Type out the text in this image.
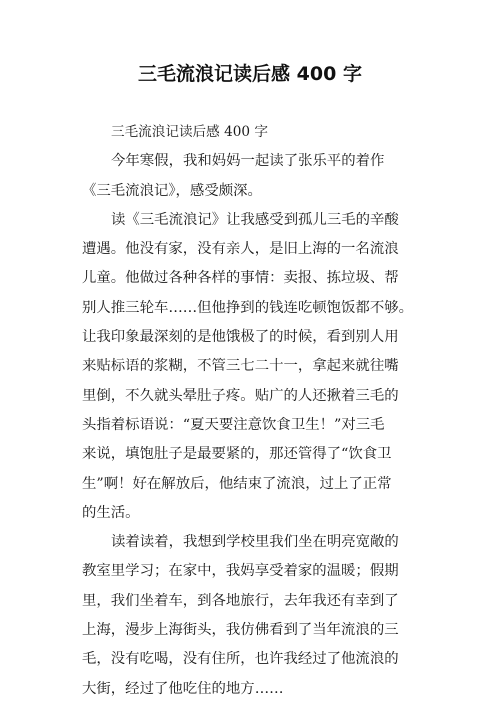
三毛流浪记读后感 400 字

三毛流浪记读后感 400 字

今年寒假，我和妈妈一起读了张乐平的着作

《三毛流浪记》，感受颇深。

读《三毛流浪记》让我感受到孤儿三毛的辛酸

遭遇。他没有家，没有亲人，是旧上海的一名流浪

儿童。他做过各种各样的事情：卖报、拣垃圾、帮

别人推三轮车……但他挣到的钱连吃顿饱饭都不够。

让我印象最深刻的是他饿极了的时候，看到别人用

来贴标语的浆糊，不管三七二十一，拿起来就往嘴

里倒，不久就头晕肚子疼。贴广的人还揪着三毛的

头指着标语说：“夏天要注意饮食卫生！”对三毛

来说，填饱肚子是最要紧的，那还管得了“饮食卫

生”啊！好在解放后，他结束了流浪，过上了正常

的生活。

读着读着，我想到学校里我们坐在明亮宽敞的

教室里学习；在家中，我妈享受着家的温暖；假期

里，我们坐着车，到各地旅行，去年我还有幸到了

上海，漫步上海街头，我仿佛看到了当年流浪的三

毛，没有吃喝，没有住所，也许我经过了他流浪的

大街，经过了他吃住的地方……
